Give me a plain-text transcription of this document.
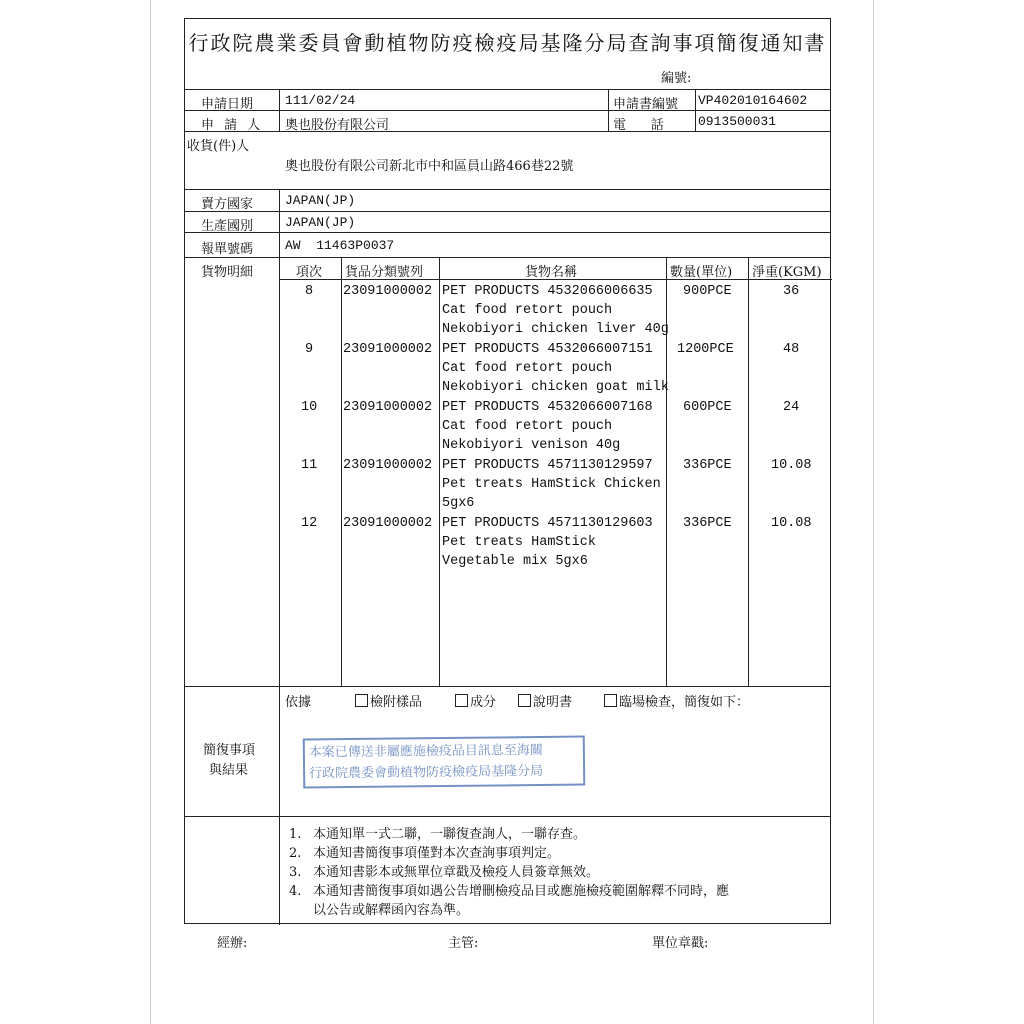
行政院農業委員會動植物防疫檢疫局基隆分局查詢事項簡復通知書
編號:
申請日期 111/02/24	申請書編號 VP402010164602
申 請 人 奧也股份有限公司	電      話	0913500031
收貨(件)人
奧也股份有限公司新北市中和區員山路466巷22號
賣方國家 JAPAN(JP)
生產國別 JAPAN(JP)
報單號碼 AW  11463P0037
貨物明細	項次 貨品分類號列	貨物名稱	數量(單位) 淨重(KGM)
8 23091000002 PET PRODUCTS 4532066006635
Cat food retort pouch
Nekobiyori chicken liver 40g
900PCE	36
9 23091000002 PET PRODUCTS 4532066007151
Cat food retort pouch
Nekobiyori chicken goat milk
1200PCE	48
10 23091000002 PET PRODUCTS 4532066007168
Cat food retort pouch
Nekobiyori venison 40g
600PCE	24
11 23091000002 PET PRODUCTS 4571130129597
Pet treats HamStick Chicken
5gx6
336PCE	10.08
12 23091000002 PET PRODUCTS 4571130129603
Pet treats HamStick
Vegetable mix 5gx6
336PCE	10.08
依據	檢附樣品	成分	說明書	臨場檢查，簡復如下：
簡復事項
與結果
本案已傳送非屬應施檢疫品目訊息至海關
行政院農委會動植物防疫檢疫局基隆分局
1. 本通知單一式二聯，一聯復查詢人，一聯存查。
2. 本通知書簡復事項僅對本次查詢事項判定。
3. 本通知書影本或無單位章戳及檢疫人員簽章無效。
4. 本通知書簡復事項如遇公告增刪檢疫品目或應施檢疫範圍解釋不同時，應
以公告或解釋函內容為準。
經辦:	主管:	單位章戳:
